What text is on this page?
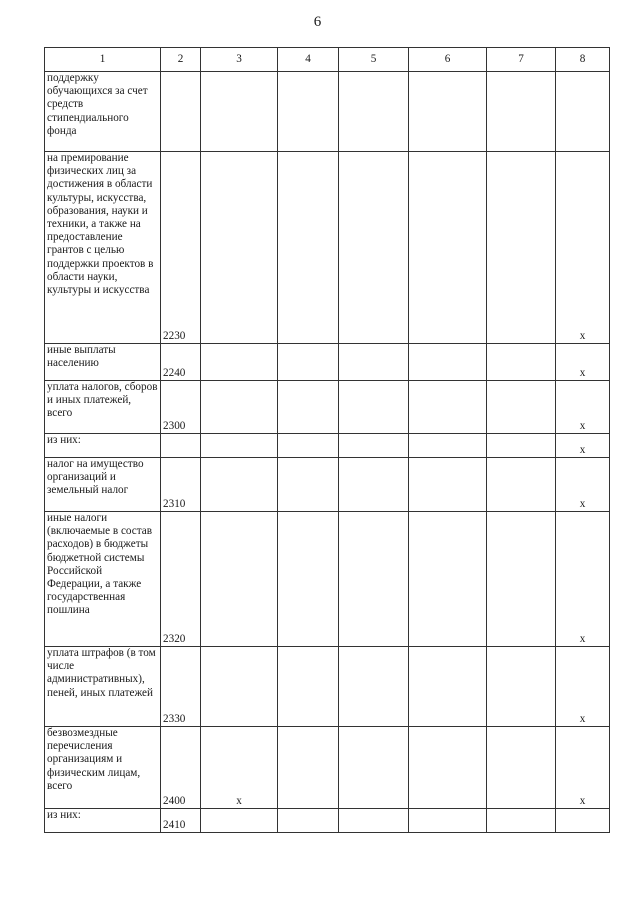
6
1	2	3	4	5	6	7	8
поддержку обучающихся за счет средств стипендиального фонда							
на премирование физических лиц за достижения в области культуры, искусства, образования, науки и техники, а также на предоставление грантов с целью поддержки проектов в области науки, культуры и искусства	2230						x
иные выплаты населению	2240						x
уплата налогов, сборов и иных платежей, всего	2300						x
из них:							x
налог на имущество организаций и земельный налог	2310						x
иные налоги (включаемые в состав расходов) в бюджеты бюджетной системы Российской Федерации, а также государственная пошлина	2320						x
уплата штрафов (в том числе административных), пеней, иных платежей	2330						x
безвозмездные перечисления организациям и физическим лицам, всего	2400	x					x
из них:	2410						
